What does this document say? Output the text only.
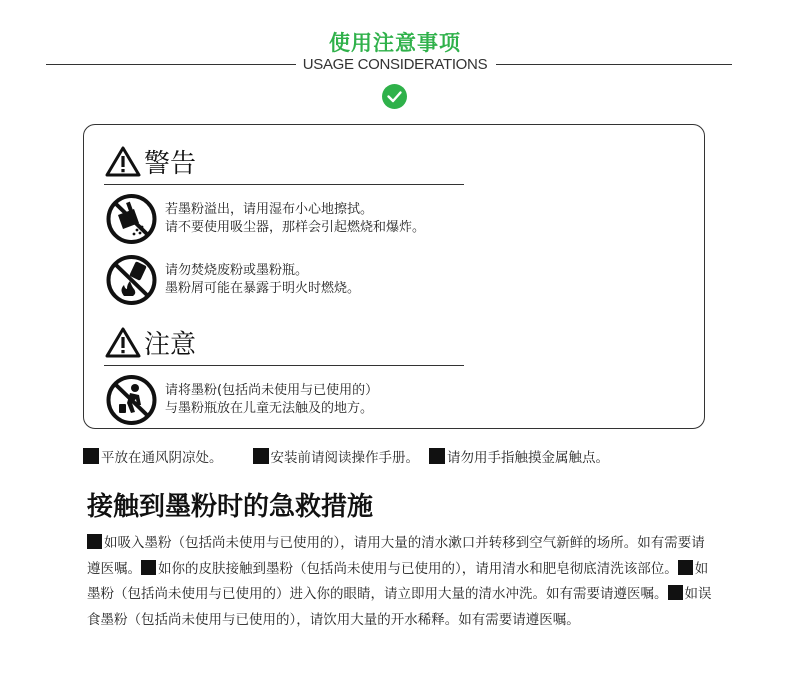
使用注意事项
USAGE CONSIDERATIONS
警告
若墨粉溢出，请用湿布小心地擦拭。
请不要使用吸尘器，那样会引起燃烧和爆炸。
请勿焚烧废粉或墨粉瓶。
墨粉屑可能在暴露于明火时燃烧。
注意
请将墨粉(包括尚未使用与已使用的）
与墨粉瓶放在儿童无法触及的地方。
平放在通风阴凉处。	安装前请阅读操作手册。 请勿用手指触摸金属触点。
接触到墨粉时的急救措施
如吸入墨粉（包括尚未使用与已使用的），请用大量的清水漱口并转移到空气新鲜的场所。如有需要请遵医嘱。 如你的皮肤接触到墨粉（包括尚未使用与已使用的），请用清水和肥皂彻底清洗该部位。 如墨粉（包括尚未使用与已使用的）进入你的眼睛，请立即用大量的清水冲洗。如有需要请遵医嘱。 如误食墨粉（包括尚未使用与已使用的），请饮用大量的开水稀释。如有需要请遵医嘱。
